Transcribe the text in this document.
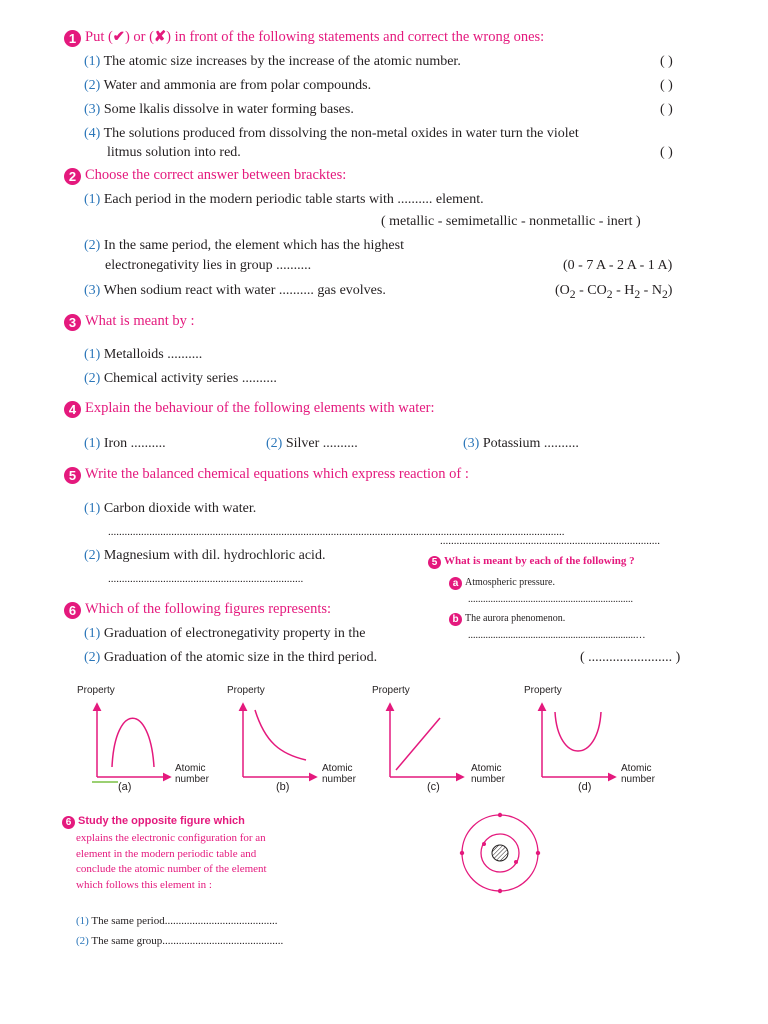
1 Put (✔) or (✘) in front of the following statements and correct the wrong ones:
(1) The atomic size increases by the increase of the atomic number.	( )
(2) Water and ammonia are from polar compounds.	( )
(3) Some lkalis dissolve in water forming bases.	( )
(4) The solutions produced from dissolving the non-metal oxides in water turn the violet
litmus solution into red.	( )
2 Choose the correct answer between bracktes:
(1) Each period in the modern periodic table starts with .......... element.
( metallic - semimetallic - nonmetallic - inert )
(2) In the same period, the element which has the highest
electronegativity lies in group ..........	(0 - 7 A - 2 A - 1 A)
(3) When sodium react with water .......... gas evolves.	$(O_2 - CO_2 - H_2 - N_2)$
3 What is meant by :
(1) Metalloids ..........
(2) Chemical activity series ..........
4 Explain the behaviour of the following elements with water:
(1) Iron ..........	(2) Silver ..........	(3) Potassium ..........
5 Write the balanced chemical equations which express reaction of :
(1) Carbon dioxide with water.
......................................................................................................................................................................
................................................................................
(2) Magnesium with dil. hydrochloric acid.
.......................................................................
5 What is meant by each of the following ?
a Atmospheric pressure.
..................................................................
b The aurora phenomenon.
...................................................................…
6 Which of the following figures represents:
(1) Graduation of electronegativity property in the
(2) Graduation of the atomic size in the third period.	( ........................ )
Property
Atomic
number
(a)
Property
Atomic
number
(b)
Property
Atomic
number
(c)
Property
Atomic
number
(d)
6 Study the opposite figure which
explains the electronic configuration for an
element in the modern periodic table and
conclude the atomic number of the element
which follows this element in :
(1) The same period.........................................
(2) The same group............................................
